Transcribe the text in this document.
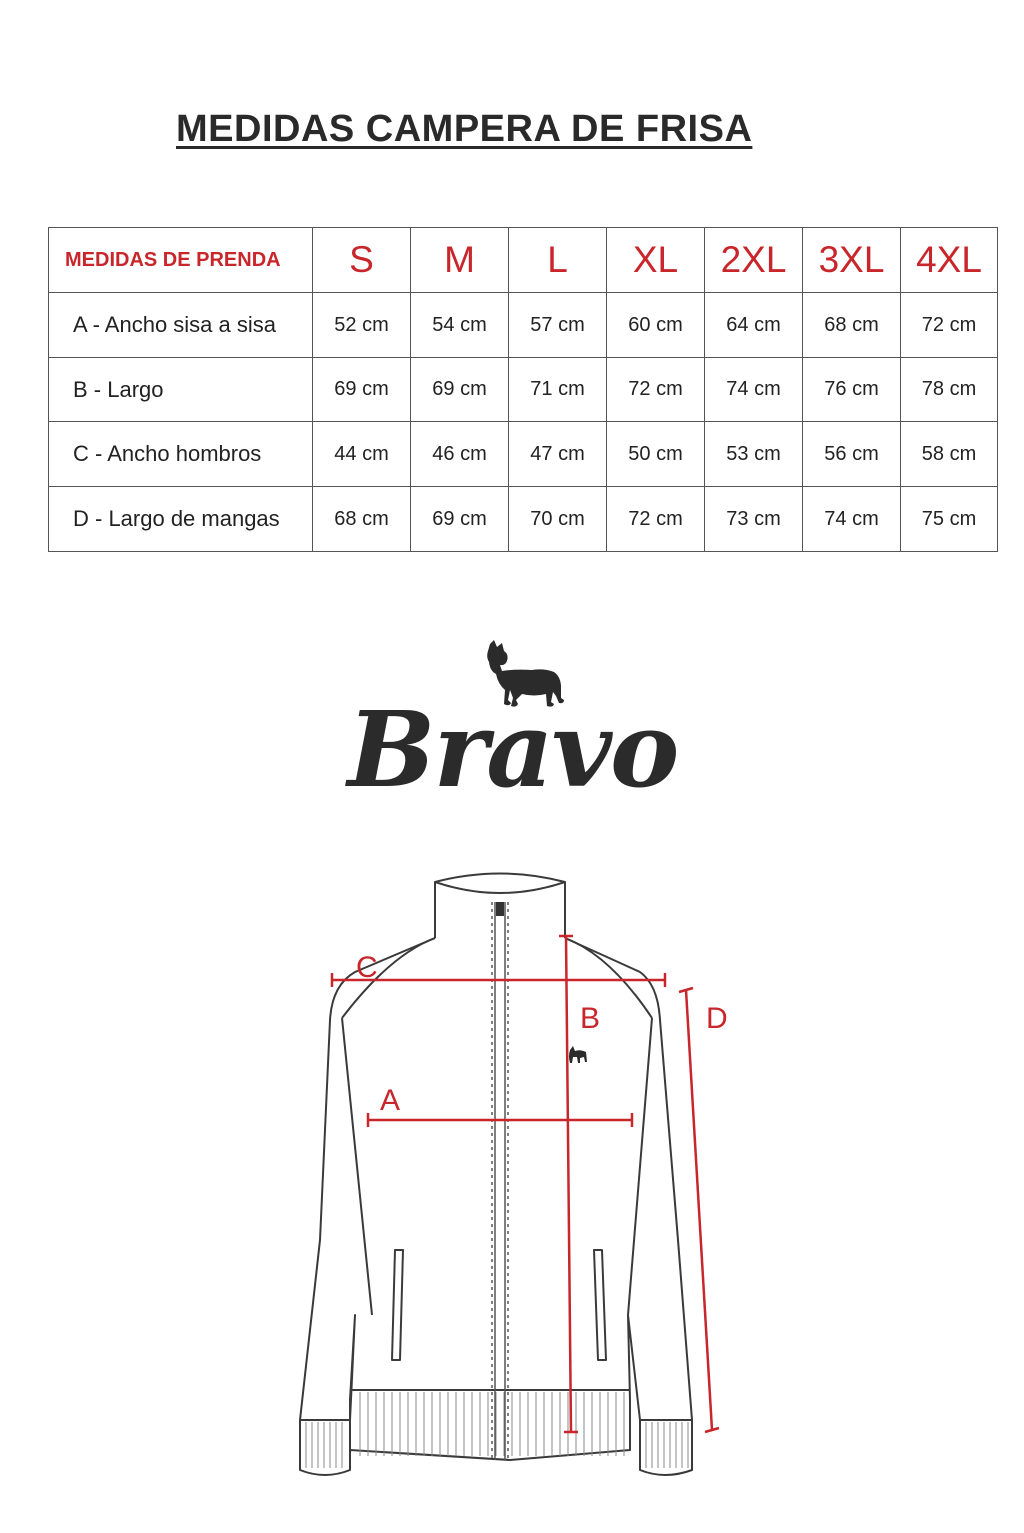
MEDIDAS CAMPERA DE FRISA
MEDIDAS DE PRENDA	S	M	L	XL	2XL	3XL	4XL
A - Ancho sisa a sisa	52 cm	54 cm	57 cm	60 cm	64 cm	68 cm	72 cm
B - Largo	69 cm	69 cm	71 cm	72 cm	74 cm	76 cm	78 cm
C - Ancho hombros	44 cm	46 cm	47 cm	50 cm	53 cm	56 cm	58 cm
D - Largo de mangas	68 cm	69 cm	70 cm	72 cm	73 cm	74 cm	75 cm
Bravo
C
A
B	D
